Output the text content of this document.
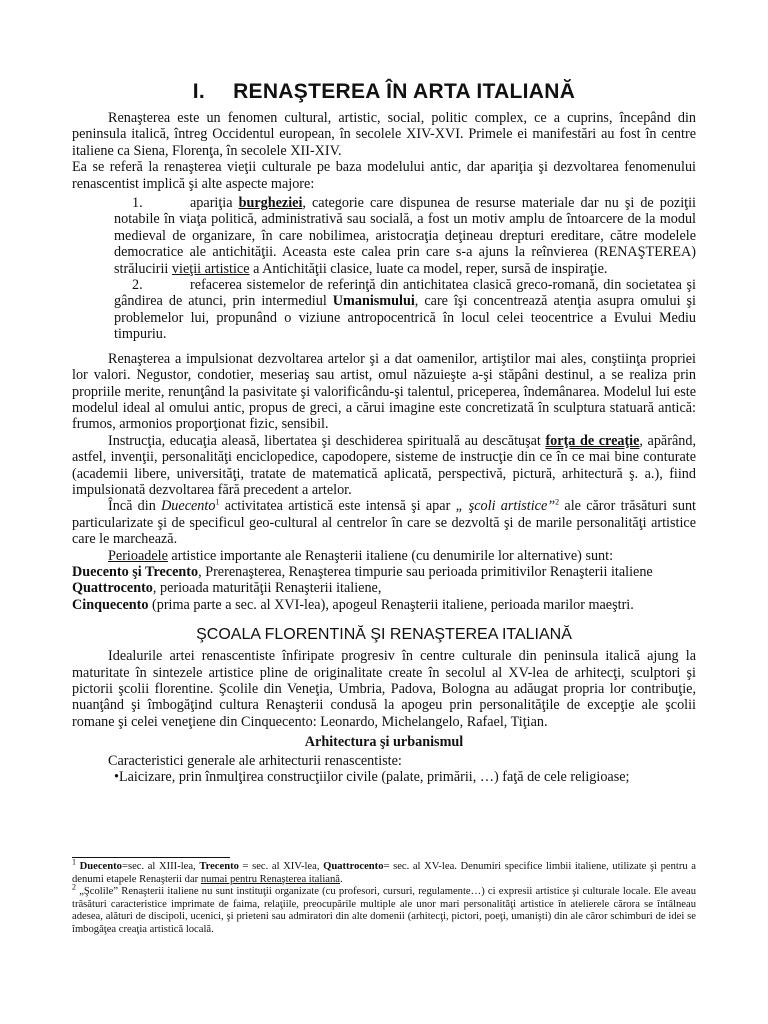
I. RENAŞTEREA ÎN ARTA ITALIANĂ

Renaşterea este un fenomen cultural, artistic, social, politic complex, ce a cuprins, începând din peninsula italică, întreg Occidentul european, în secolele XIV-XVI. Primele ei manifestări au fost în centre italiene ca Siena, Florenţa, în secolele XII-XIV.

Ea se referă la renaşterea vieţii culturale pe baza modelului antic, dar apariţia şi dezvoltarea fenomenului renascentist implică şi alte aspecte majore:

1.	apariţia burgheziei, categorie care dispunea de resurse materiale dar nu şi de poziţii notabile în viaţa politică, administrativă sau socială, a fost un motiv amplu de întoarcere de la modul medieval de organizare, în care nobilimea, aristocraţia deţineau drepturi ereditare, către modelele democratice ale antichităţii. Aceasta este calea prin care s-a ajuns la reînvierea (RENAŞTEREA) strălucirii vieţii artistice a Antichităţii clasice, luate ca model, reper, sursă de inspiraţie.
2.	refacerea sistemelor de referinţă din antichitatea clasică greco-romană, din societatea şi gândirea de atunci, prin intermediul Umanismului, care îşi concentrează atenţia asupra omului şi problemelor lui, propunând o viziune antropocentrică în locul celei teocentrice a Evului Mediu timpuriu.

Renaşterea a impulsionat dezvoltarea artelor şi a dat oamenilor, artiştilor mai ales, conştiinţa propriei lor valori. Negustor, condotier, meseriaş sau artist, omul năzuieşte a-şi stăpâni destinul, a se realiza prin propriile merite, renunţând la pasivitate şi valorificându-şi talentul, priceperea, îndemânarea. Modelul lui este modelul ideal al omului antic, propus de greci, a cărui imagine este concretizată în sculptura statuară antică: frumos, armonios proporţionat fizic, sensibil.

Instrucţia, educaţia aleasă, libertatea şi deschiderea spirituală au descătuşat forţa de creaţie, apărând, astfel, invenţii, personalităţi enciclopedice, capodopere, sisteme de instrucţie din ce în ce mai bine conturate (academii libere, universităţi, tratate de matematică aplicată, perspectivă, pictură, arhitectură ş. a.), fiind impulsionată dezvoltarea fără precedent a artelor.

Încă din Duecento$^1$ activitatea artistică este intensă şi apar „ şcoli artistice”$^2$ ale căror trăsături sunt particularizate şi de specificul geo-cultural al centrelor în care se dezvoltă şi de marile personalităţi artistice care le marchează.

Perioadele artistice importante ale Renaşterii italiene (cu denumirile lor alternative) sunt:

Duecento şi Trecento, Prerenaşterea, Renaşterea timpurie sau perioada primitivilor Renaşterii italiene

Quattrocento, perioada maturităţii Renaşterii italiene,

Cinquecento (prima parte a sec. al XVI-lea), apogeul Renaşterii italiene, perioada marilor maeştri.

ŞCOALA FLORENTINĂ ŞI RENAŞTEREA ITALIANĂ

Idealurile artei renascentiste înfiripate progresiv în centre culturale din peninsula italică ajung la maturitate în sintezele artistice pline de originalitate create în secolul al XV-lea de arhitecţi, sculptori şi pictorii şcolii florentine. Şcolile din Veneţia, Umbria, Padova, Bologna au adăugat propria lor contribuţie, nuanţând şi îmbogăţind cultura Renaşterii condusă la apogeu prin personalităţile de excepţie ale şcolii romane şi celei veneţiene din Cinquecento: Leonardo, Michelangelo, Rafael, Tiţian.

Arhitectura şi urbanismul

Caracteristici generale ale arhitecturii renascentiste:

•Laicizare, prin înmulţirea construcţiilor civile (palate, primării, …) faţă de cele religioase;

$^1$ Duecento=sec. al XIII-lea, Trecento = sec. al XIV-lea, Quattrocento= sec. al XV-lea. Denumiri specifice limbii italiene, utilizate şi pentru a denumi etapele Renaşterii dar numai pentru Renaşterea italiană.

$^2$ „Şcolile” Renaşterii italiene nu sunt instituţii organizate (cu profesori, cursuri, regulamente…) ci expresii artistice şi culturale locale. Ele aveau trăsături caracteristice imprimate de faima, relaţiile, preocupările multiple ale unor mari personalităţi artistice în atelierele cărora se întâlneau adesea, alături de discipoli, ucenici, şi prieteni sau admiratori din alte domenii (arhitecţi, pictori, poeţi, umanişti) din ale căror schimburi de idei se îmbogăţea creaţia artistică locală.
